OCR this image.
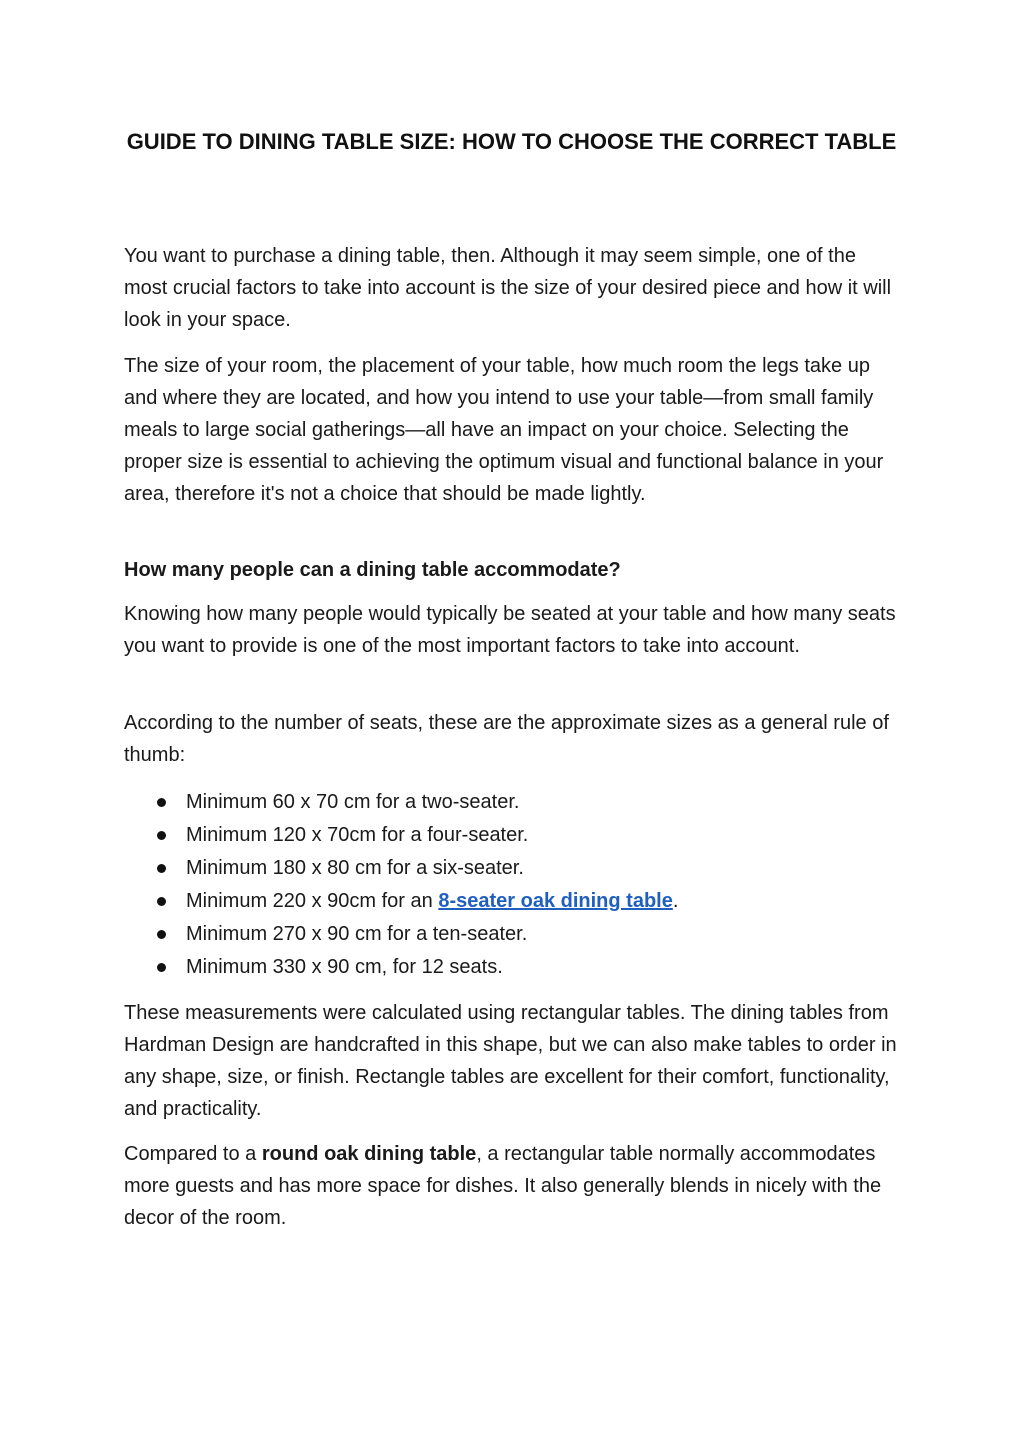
GUIDE TO DINING TABLE SIZE: HOW TO CHOOSE THE CORRECT TABLE

You want to purchase a dining table, then. Although it may seem simple, one of the most crucial factors to take into account is the size of your desired piece and how it will look in your space.

The size of your room, the placement of your table, how much room the legs take up and where they are located, and how you intend to use your table—from small family meals to large social gatherings—all have an impact on your choice. Selecting the proper size is essential to achieving the optimum visual and functional balance in your area, therefore it's not a choice that should be made lightly.

How many people can a dining table accommodate?

Knowing how many people would typically be seated at your table and how many seats you want to provide is one of the most important factors to take into account.

According to the number of seats, these are the approximate sizes as a general rule of thumb:

Minimum 60 x 70 cm for a two-seater.
Minimum 120 x 70cm for a four-seater.
Minimum 180 x 80 cm for a six-seater.
Minimum 220 x 90cm for an 8-seater oak dining table.
Minimum 270 x 90 cm for a ten-seater.
Minimum 330 x 90 cm, for 12 seats.

These measurements were calculated using rectangular tables. The dining tables from Hardman Design are handcrafted in this shape, but we can also make tables to order in any shape, size, or finish. Rectangle tables are excellent for their comfort, functionality, and practicality.

Compared to a round oak dining table, a rectangular table normally accommodates more guests and has more space for dishes. It also generally blends in nicely with the decor of the room.
